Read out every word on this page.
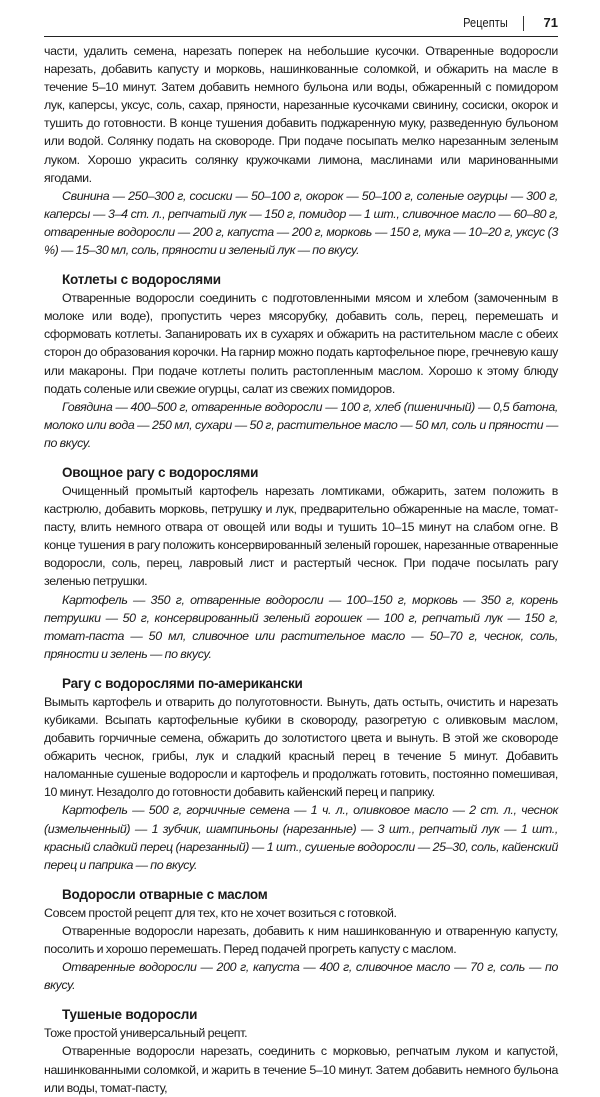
Рецепты	71

части, удалить семена, нарезать поперек на небольшие кусочки. Отваренные водоросли нарезать, добавить капусту и морковь, нашинкованные соломкой, и обжарить на масле в течение 5–10 минут. Затем добавить немного бульона или воды, обжаренный с помидором лук, каперсы, уксус, соль, сахар, пряности, нарезанные кусочками свинину, сосиски, окорок и тушить до готовности. В конце тушения добавить поджаренную муку, разведенную бульоном или водой. Солянку подать на сковороде. При подаче посыпать мелко нарезанным зеленым луком. Хорошо украсить солянку кружочками лимона, маслинами или маринованными ягодами.

Свинина — 250–300 г, сосиски — 50–100 г, окорок — 50–100 г, соленые огурцы — 300 г, каперсы — 3–4 ст. л., репчатый лук — 150 г, помидор — 1 шт., сливочное масло — 60–80 г, отваренные водоросли — 200 г, капуста — 200 г, морковь — 150 г, мука — 10–20 г, уксус (3 %) — 15–30 мл, соль, пряности и зеленый лук — по вкусу.

Котлеты с водорослями

Отваренные водоросли соединить с подготовленными мясом и хлебом (замоченным в молоке или воде), пропустить через мясорубку, добавить соль, перец, перемешать и сформовать котлеты. Запанировать их в сухарях и обжарить на растительном масле с обеих сторон до образования корочки. На гарнир можно подать картофельное пюре, гречневую кашу или макароны. При подаче котлеты полить растопленным маслом. Хорошо к этому блюду подать соленые или свежие огурцы, салат из свежих помидоров.

Говядина — 400–500 г, отваренные водоросли — 100 г, хлеб (пшеничный) — 0,5 батона, молоко или вода — 250 мл, сухари — 50 г, растительное масло — 50 мл, соль и пряности — по вкусу.

Овощное рагу с водорослями

Очищенный промытый картофель нарезать ломтиками, обжарить, затем положить в кастрюлю, добавить морковь, петрушку и лук, предварительно обжаренные на масле, томат-пасту, влить немного отвара от овощей или воды и тушить 10–15 минут на слабом огне. В конце тушения в рагу положить консервированный зеленый горошек, нарезанные отваренные водоросли, соль, перец, лавровый лист и растертый чеснок. При подаче посылать рагу зеленью петрушки.

Картофель — 350 г, отваренные водоросли — 100–150 г, морковь — 350 г, корень петрушки — 50 г, консервированный зеленый горошек — 100 г, репчатый лук — 150 г, томат-паста — 50 мл, сливочное или растительное масло — 50–70 г, чеснок, соль, пряности и зелень — по вкусу.

Рагу с водорослями по-американски

Вымыть картофель и отварить до полуготовности. Вынуть, дать остыть, очистить и нарезать кубиками. Всыпать картофельные кубики в сковороду, разогретую с оливковым маслом, добавить горчичные семена, обжарить до золотистого цвета и вынуть. В этой же сковороде обжарить чеснок, грибы, лук и сладкий красный перец в течение 5 минут. Добавить наломанные сушеные водоросли и картофель и продолжать готовить, постоянно помешивая, 10 минут. Незадолго до готовности добавить кайенский перец и паприку.

Картофель — 500 г, горчичные семена — 1 ч. л., оливковое масло — 2 ст. л., чеснок (измельченный) — 1 зубчик, шампиньоны (нарезанные) — 3 шт., репчатый лук — 1 шт., красный сладкий перец (нарезанный) — 1 шт., сушеные водоросли — 25–30, соль, кайенский перец и паприка — по вкусу.

Водоросли отварные с маслом

Совсем простой рецепт для тех, кто не хочет возиться с готовкой.

Отваренные водоросли нарезать, добавить к ним нашинкованную и отваренную капусту, посолить и хорошо перемешать. Перед подачей прогреть капусту с маслом.

Отваренные водоросли — 200 г, капуста — 400 г, сливочное масло — 70 г, соль — по вкусу.

Тушеные водоросли

Тоже простой универсальный рецепт.

Отваренные водоросли нарезать, соединить с морковью, репчатым луком и капустой, нашинкованными соломкой, и жарить в течение 5–10 минут. Затем добавить немного бульона или воды, томат-пасту,
